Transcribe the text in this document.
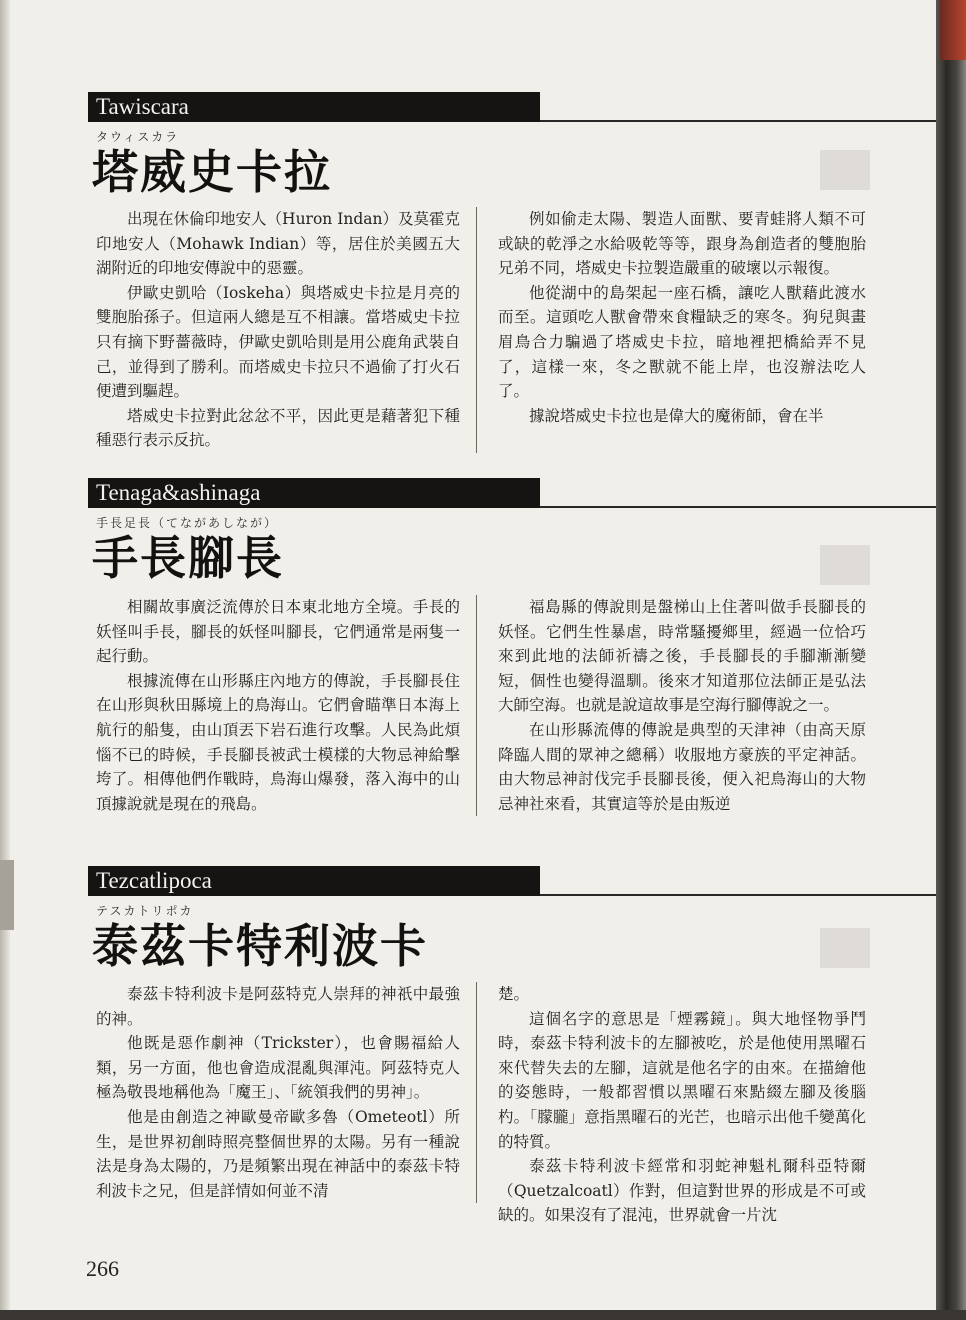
Tawiscara
タウィスカラ
塔威史卡拉

出現在休倫印地安人（Huron Indan）及莫霍克印地安人（Mohawk Indian）等，居住於美國五大湖附近的印地安傳說中的惡靈。

伊歐史凱哈（Ioskeha）與塔威史卡拉是月亮的雙胞胎孫子。但這兩人總是互不相讓。當塔威史卡拉只有摘下野薔薇時，伊歐史凱哈則是用公鹿角武裝自己，並得到了勝利。而塔威史卡拉只不過偷了打火石便遭到驅趕。

塔威史卡拉對此忿忿不平，因此更是藉著犯下種種惡行表示反抗。

例如偷走太陽、製造人面獸、要青蛙將人類不可或缺的乾淨之水給吸乾等等，跟身為創造者的雙胞胎兄弟不同，塔威史卡拉製造嚴重的破壞以示報復。

他從湖中的島架起一座石橋，讓吃人獸藉此渡水而至。這頭吃人獸會帶來食糧缺乏的寒冬。狗兒與畫眉鳥合力騙過了塔威史卡拉，暗地裡把橋給弄不見了，這樣一來，冬之獸就不能上岸，也沒辦法吃人了。

據說塔威史卡拉也是偉大的魔術師，會在半

Tenaga&ashinaga
手長足長（てながあしなが）
手長腳長

相關故事廣泛流傳於日本東北地方全境。手長的妖怪叫手長，腳長的妖怪叫腳長，它們通常是兩隻一起行動。

根據流傳在山形縣庄內地方的傳說，手長腳長住在山形與秋田縣境上的鳥海山。它們會瞄準日本海上航行的船隻，由山頂丟下岩石進行攻擊。人民為此煩惱不已的時候，手長腳長被武士模樣的大物忌神給擊垮了。相傳他們作戰時，鳥海山爆發，落入海中的山頂據說就是現在的飛島。

福島縣的傳說則是盤梯山上住著叫做手長腳長的妖怪。它們生性暴虐，時常騷擾鄉里，經過一位恰巧來到此地的法師祈禱之後，手長腳長的手腳漸漸變短，個性也變得溫馴。後來才知道那位法師正是弘法大師空海。也就是說這故事是空海行腳傳說之一。

在山形縣流傳的傳說是典型的天津神（由高天原降臨人間的眾神之總稱）收服地方豪族的平定神話。由大物忌神討伐完手長腳長後，便入祀鳥海山的大物忌神社來看，其實這等於是由叛逆

Tezcatlipoca
テスカトリポカ
泰茲卡特利波卡

泰茲卡特利波卡是阿茲特克人崇拜的神祇中最強的神。

他既是惡作劇神（Trickster），也會賜福給人類，另一方面，他也會造成混亂與渾沌。阿茲特克人極為敬畏地稱他為「魔王」、「統領我們的男神」。

他是由創造之神歐曼帝歐多魯（Ometeotl）所生，是世界初創時照亮整個世界的太陽。另有一種說法是身為太陽的，乃是頻繁出現在神話中的泰茲卡特利波卡之兄，但是詳情如何並不清

楚。

這個名字的意思是「煙霧鏡」。與大地怪物爭鬥時，泰茲卡特利波卡的左腳被吃，於是他使用黑曜石來代替失去的左腳，這就是他名字的由來。在描繪他的姿態時，一般都習慣以黑曜石來點綴左腳及後腦杓。「朦朧」意指黑曜石的光芒，也暗示出他千變萬化的特質。

泰茲卡特利波卡經常和羽蛇神魁札爾科亞特爾（Quetzalcoatl）作對，但這對世界的形成是不可或缺的。如果沒有了混沌，世界就會一片沈

266
